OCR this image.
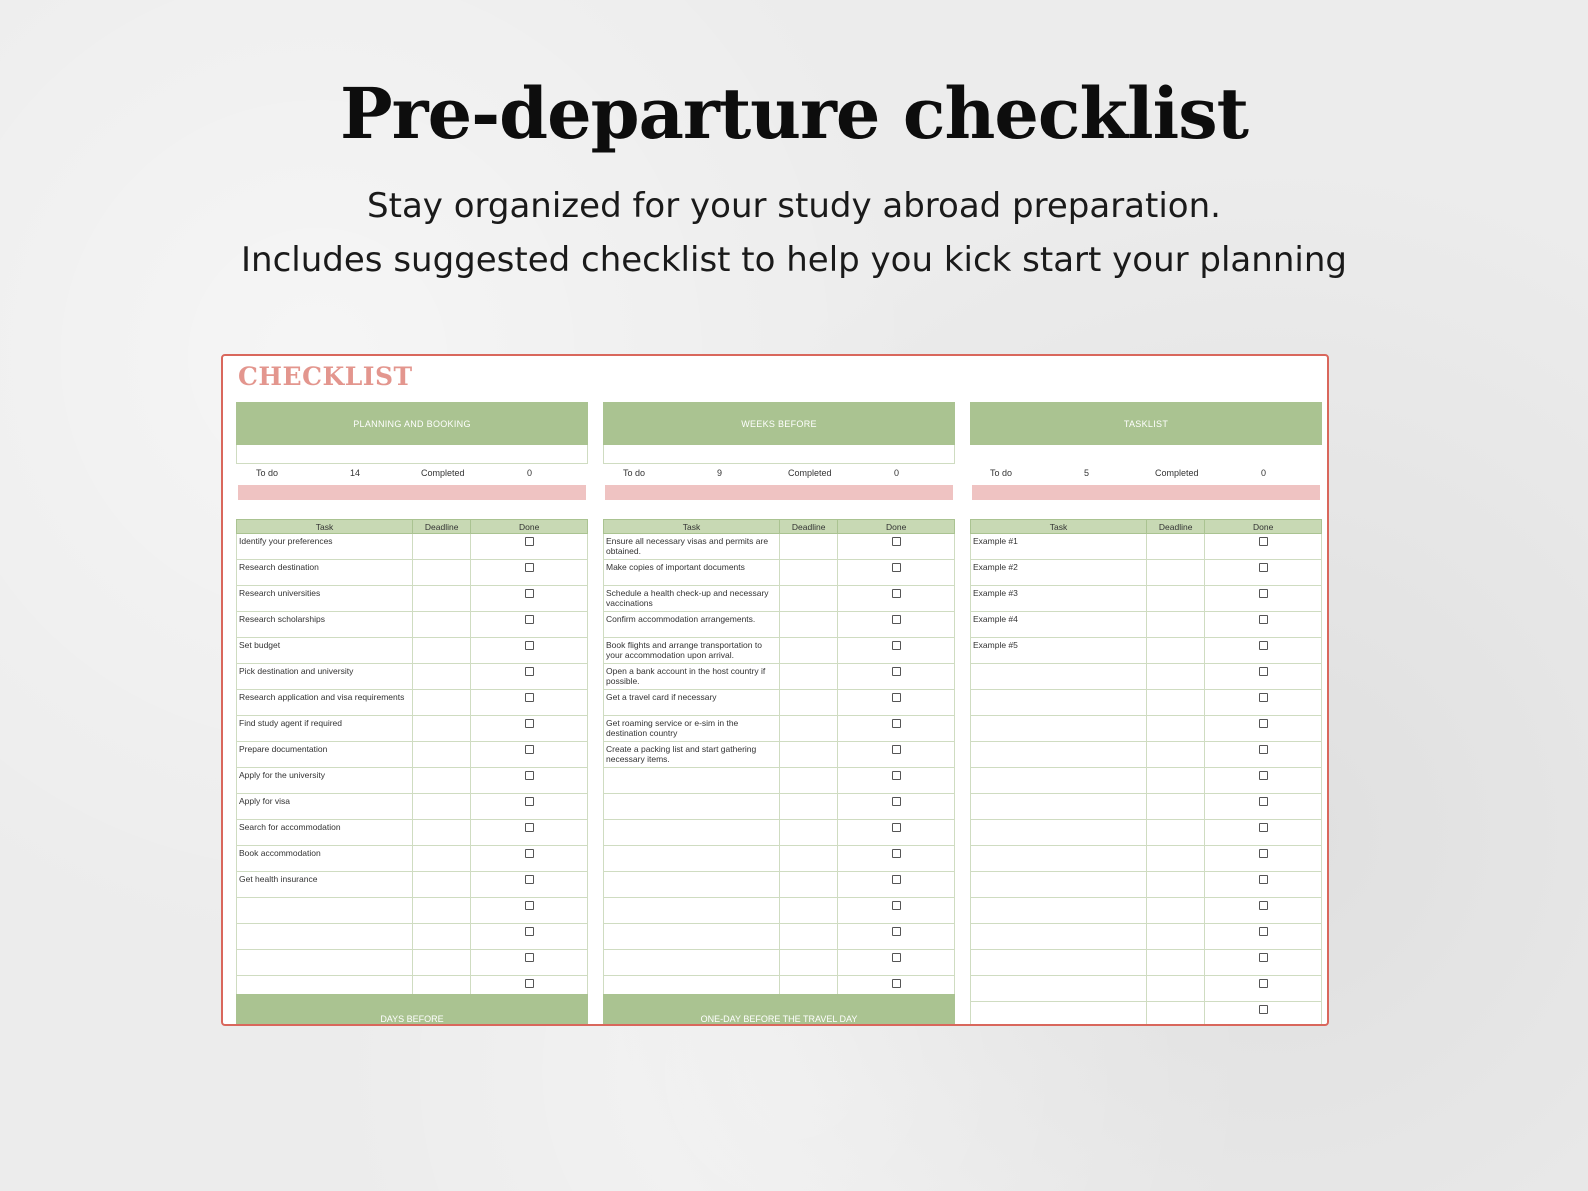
Pre-departure checklist

Stay organized for your study abroad preparation.

Includes suggested checklist to help you kick start your planning

CHECKLIST
PLANNING AND BOOKING
To do	14	Completed	0
Task	Deadline	Done

Identify your preferences		

Research destination		

Research universities		

Research scholarships		

Set budget		

Pick destination and university		

Research application and visa requirements		

Find study agent if required		

Prepare documentation		

Apply for the university		

Apply for visa		

Search for accommodation		

Book accommodation		

Get health insurance		

WEEKS BEFORE
To do	9	Completed	0
Task	Deadline	Done

Ensure all necessary visas and permits are obtained.		

Make copies of important documents		

Schedule a health check-up and necessary vaccinations		

Confirm accommodation arrangements.		

Book flights and arrange transportation to your accommodation upon arrival.		

Open a bank account in the host country if possible.		

Get a travel card if necessary		

Get roaming service or e-sim in the destination country		

Create a packing list and start gathering necessary items.		

TASKLIST
To do	5	Completed	0
Task	Deadline	Done

Example #1		

Example #2		

Example #3		

Example #4		

Example #5		

DAYS BEFORE	ONE-DAY BEFORE THE TRAVEL DAY
